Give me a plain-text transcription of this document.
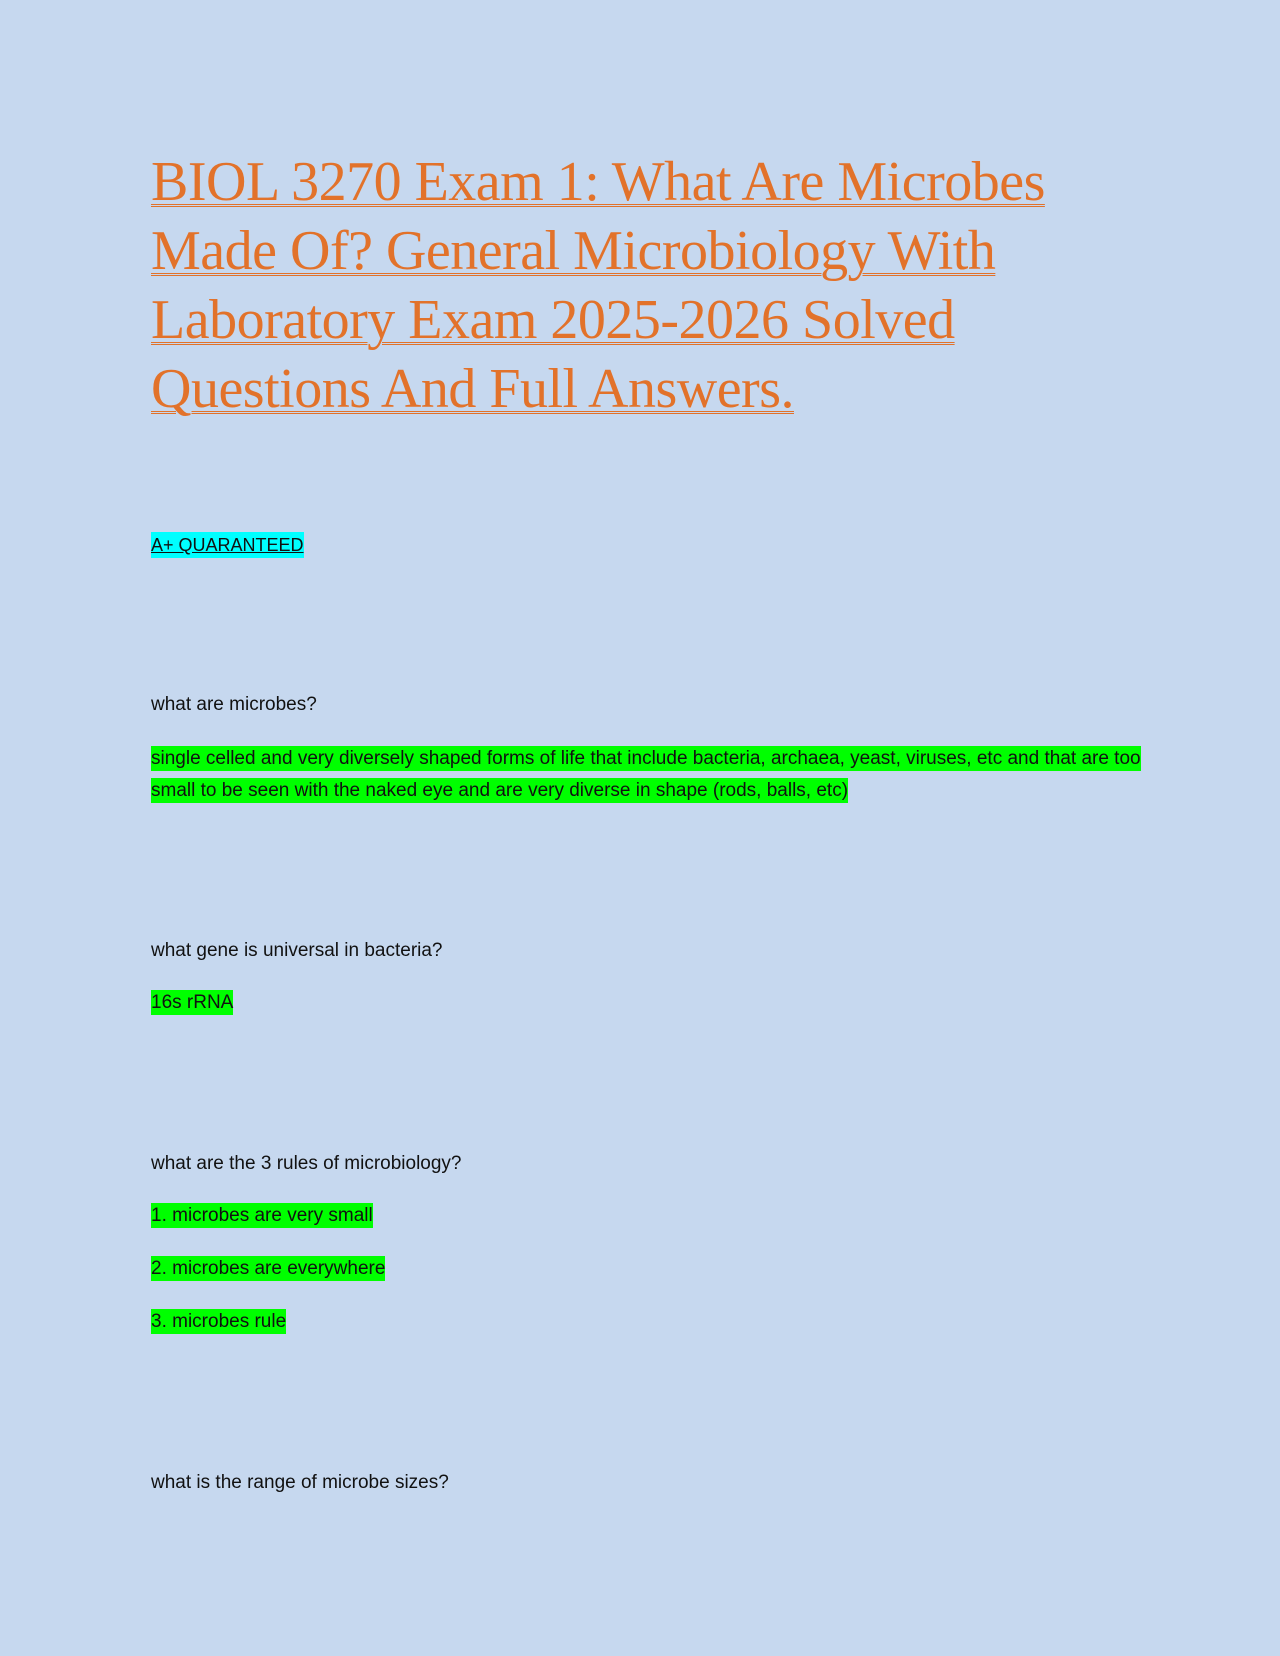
BIOL 3270 Exam 1: What Are Microbes Made Of? General Microbiology With Laboratory Exam 2025-2026 Solved Questions And Full Answers.
A+ QUARANTEED

what are microbes?

single celled and very diversely shaped forms of life that include bacteria, archaea, yeast, viruses, etc and that are too small to be seen with the naked eye and are very diverse in shape (rods, balls, etc)

what gene is universal in bacteria?

16s rRNA

what are the 3 rules of microbiology?

1. microbes are very small

2. microbes are everywhere

3. microbes rule

what is the range of microbe sizes?
